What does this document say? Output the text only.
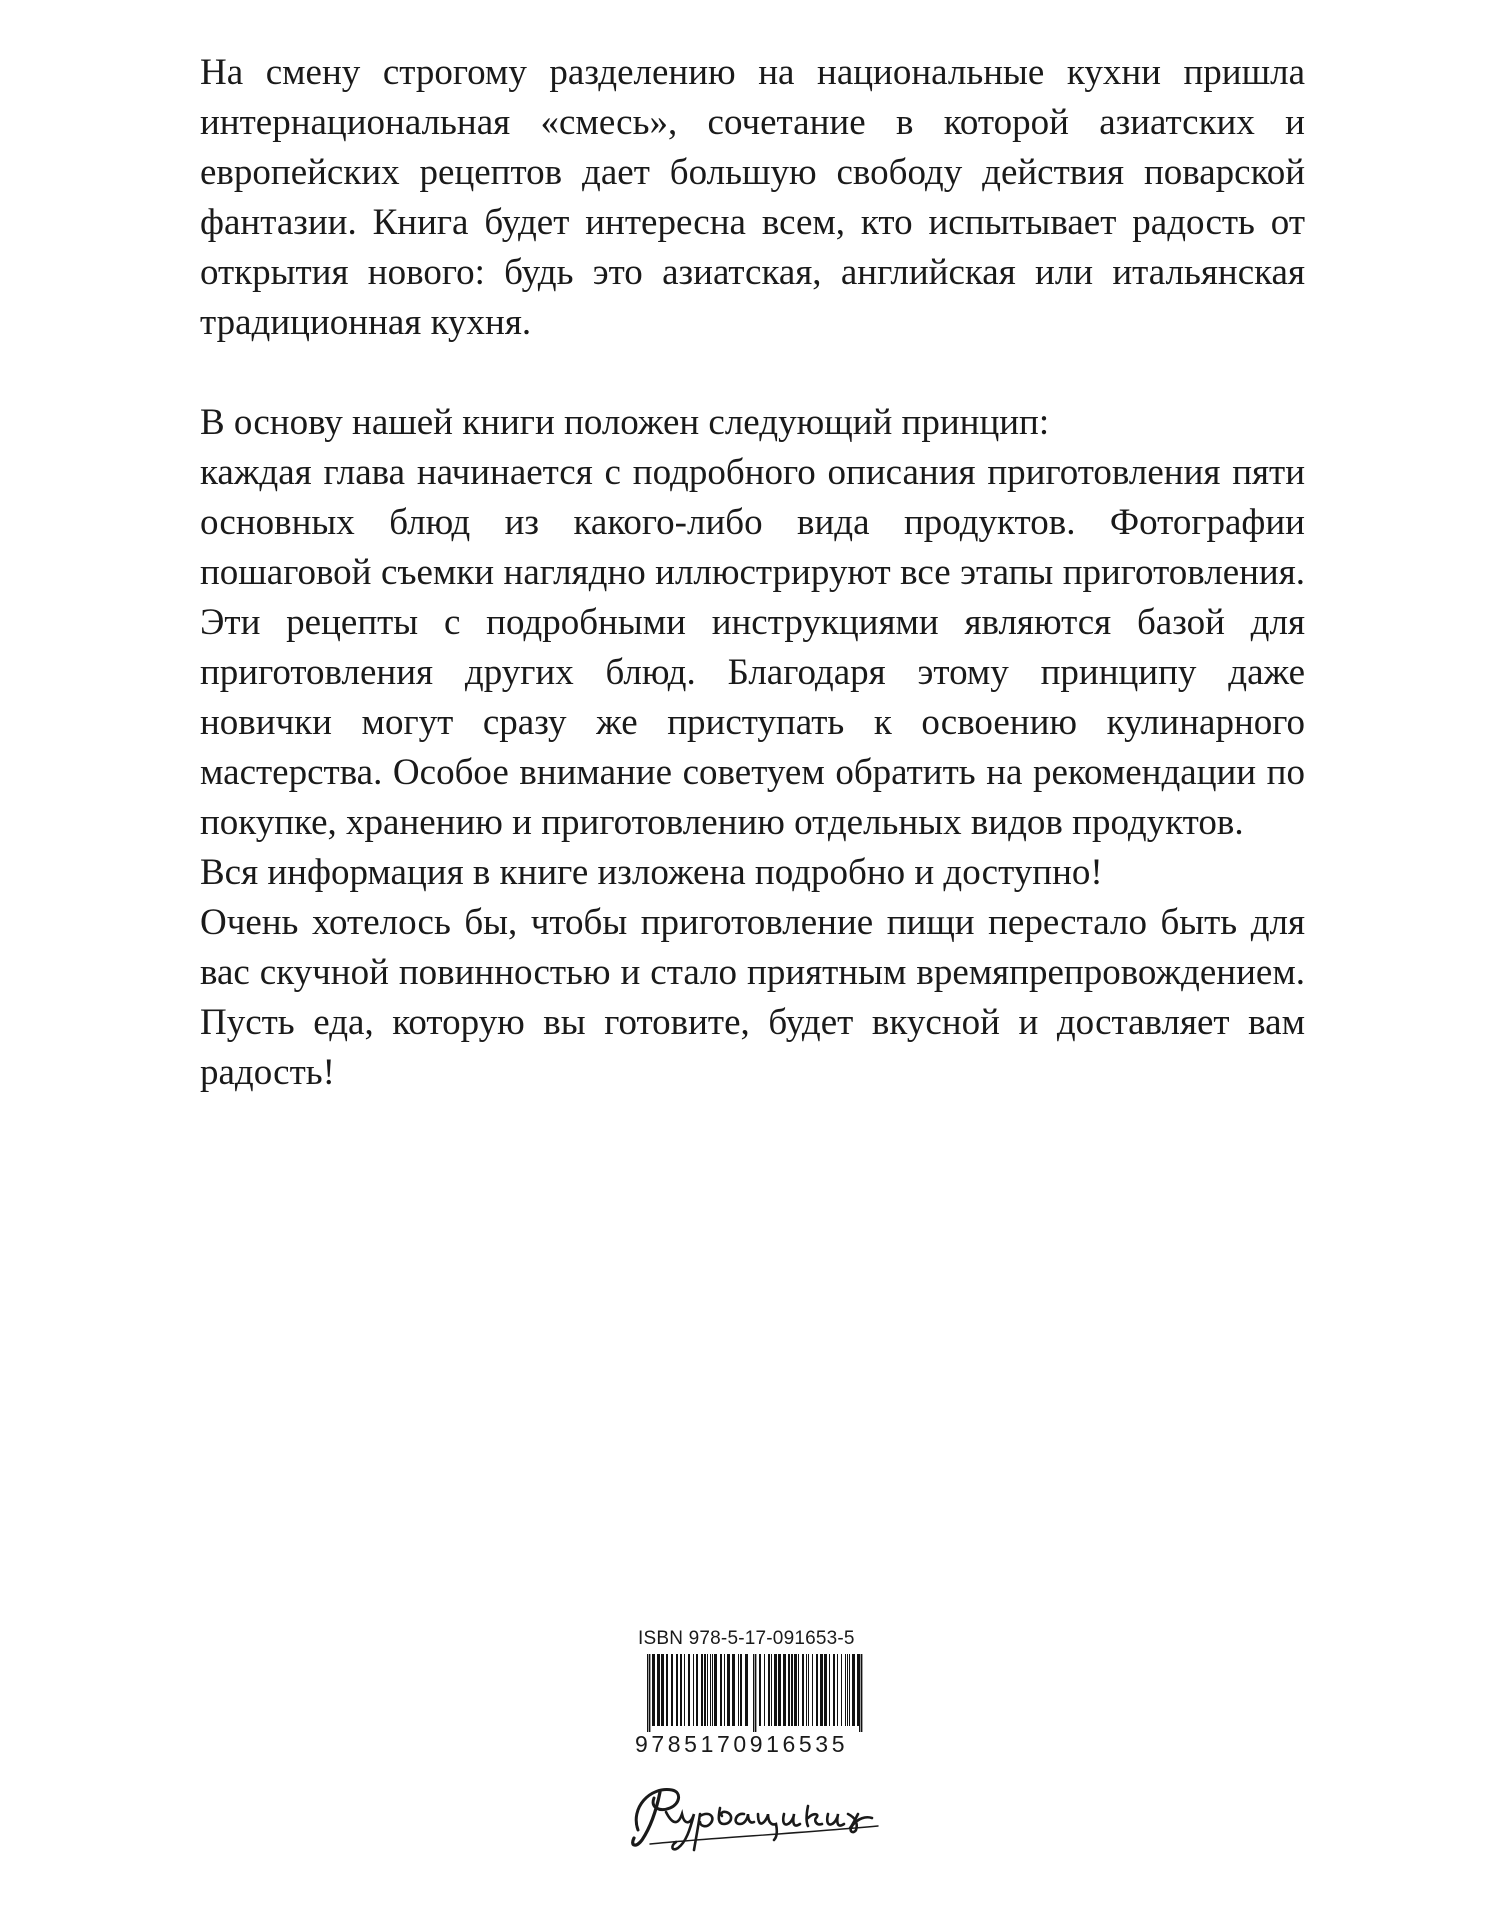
На смену строгому разделению на национальные кухни пришла интернациональная «смесь», сочетание в которой азиатских и европейских рецептов дает большую свободу действия поварской фантазии. Книга будет интересна всем, кто испытывает радость от открытия нового: будь это азиатская, английская или итальянская традиционная кухня.

В основу нашей книги положен следующий принцип:

каждая глава начинается с подробного описания приготовления пяти основных блюд из какого-либо вида продуктов. Фотографии пошаговой съемки наглядно иллюстрируют все этапы приготовления. Эти рецепты с подробными инструкциями являются базой для приготовления других блюд. Благодаря этому принципу даже новички могут сразу же приступать к освоению кулинарного мастерства. Особое внимание советуем обратить на рекомендации по покупке, хранению и приготовлению отдельных видов продуктов.

Вся информация в книге изложена подробно и доступно!

Очень хотелось бы, чтобы приготовление пищи перестало быть для вас скучной повинностью и стало приятным времяпрепровождением. Пусть еда, которую вы готовите, будет вкусной и доставляет вам радость!

ISBN 978-5-17-091653-5
9785170916535
